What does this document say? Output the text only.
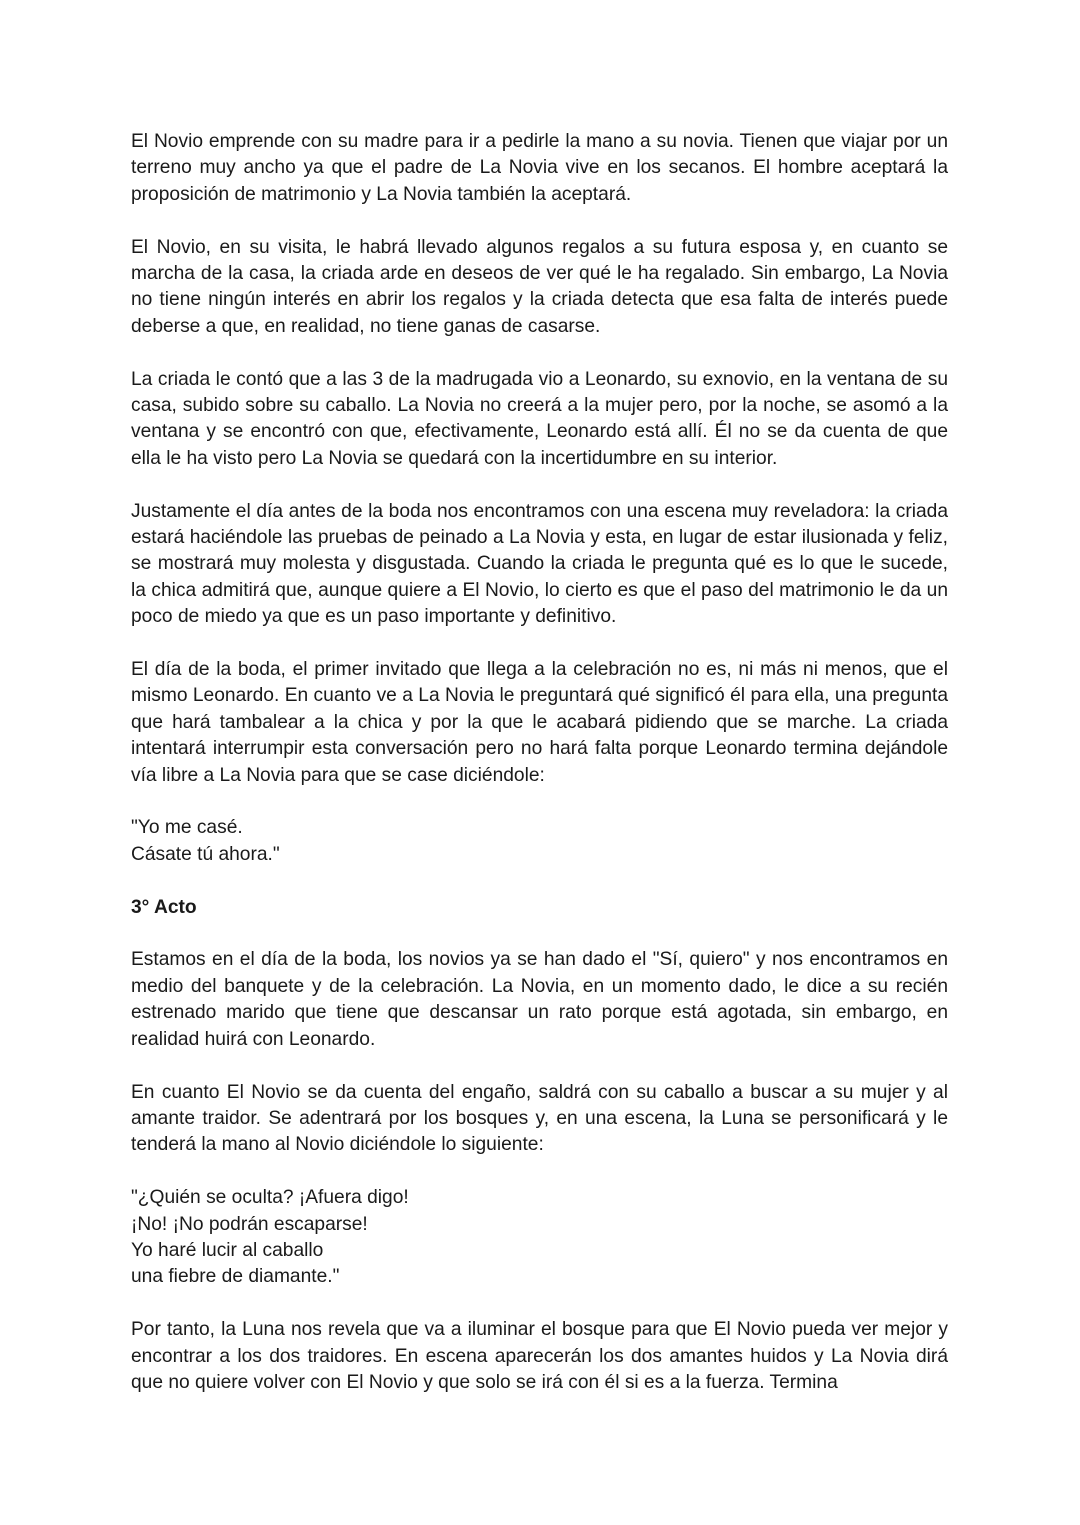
El Novio emprende con su madre para ir a pedirle la mano a su novia. Tienen que viajar por un terreno muy ancho ya que el padre de La Novia vive en los secanos. El hombre aceptará la proposición de matrimonio y La Novia también la aceptará.

El Novio, en su visita, le habrá llevado algunos regalos a su futura esposa y, en cuanto se marcha de la casa, la criada arde en deseos de ver qué le ha regalado. Sin embargo, La Novia no tiene ningún interés en abrir los regalos y la criada detecta que esa falta de interés puede deberse a que, en realidad, no tiene ganas de casarse.

La criada le contó que a las 3 de la madrugada vio a Leonardo, su exnovio, en la ventana de su casa, subido sobre su caballo. La Novia no creerá a la mujer pero, por la noche, se asomó a la ventana y se encontró con que, efectivamente, Leonardo está allí. Él no se da cuenta de que ella le ha visto pero La Novia se quedará con la incertidumbre en su interior.

Justamente el día antes de la boda nos encontramos con una escena muy reveladora: la criada estará haciéndole las pruebas de peinado a La Novia y esta, en lugar de estar ilusionada y feliz, se mostrará muy molesta y disgustada. Cuando la criada le pregunta qué es lo que le sucede, la chica admitirá que, aunque quiere a El Novio, lo cierto es que el paso del matrimonio le da un poco de miedo ya que es un paso importante y definitivo.

El día de la boda, el primer invitado que llega a la celebración no es, ni más ni menos, que el mismo Leonardo. En cuanto ve a La Novia le preguntará qué significó él para ella, una pregunta que hará tambalear a la chica y por la que le acabará pidiendo que se marche. La criada intentará interrumpir esta conversación pero no hará falta porque Leonardo termina dejándole vía libre a La Novia para que se case diciéndole:

"Yo me casé.
Cásate tú ahora."
3° Acto

Estamos en el día de la boda, los novios ya se han dado el "Sí, quiero" y nos encontramos en medio del banquete y de la celebración. La Novia, en un momento dado, le dice a su recién estrenado marido que tiene que descansar un rato porque está agotada, sin embargo, en realidad huirá con Leonardo.

En cuanto El Novio se da cuenta del engaño, saldrá con su caballo a buscar a su mujer y al amante traidor. Se adentrará por los bosques y, en una escena, la Luna se personificará y le tenderá la mano al Novio diciéndole lo siguiente:

"¿Quién se oculta? ¡Afuera digo!
¡No! ¡No podrán escaparse!
Yo haré lucir al caballo
una fiebre de diamante."

Por tanto, la Luna nos revela que va a iluminar el bosque para que El Novio pueda ver mejor y encontrar a los dos traidores. En escena aparecerán los dos amantes huidos y La Novia dirá que no quiere volver con El Novio y que solo se irá con él si es a la fuerza. Termina
